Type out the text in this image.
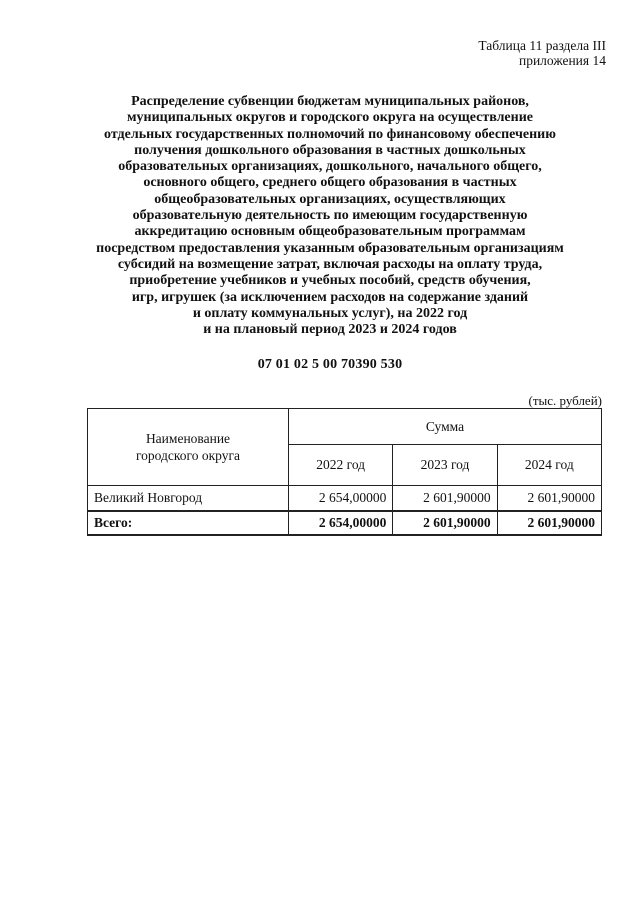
Таблица 11 раздела III
приложения 14
Распределение субвенции бюджетам муниципальных районов,
муниципальных округов и городского округа на осуществление
отдельных государственных полномочий по финансовому обеспечению
получения дошкольного образования в частных дошкольных
образовательных организациях, дошкольного, начального общего,
основного общего, среднего общего образования в частных
общеобразовательных организациях, осуществляющих
образовательную деятельность по имеющим государственную
аккредитацию основным общеобразовательным программам
посредством предоставления указанным образовательным организациям
субсидий на возмещение затрат, включая расходы на оплату труда,
приобретение учебников и учебных пособий, средств обучения,
игр, игрушек (за исключением расходов на содержание зданий
и оплату коммунальных услуг), на 2022 год
и на плановый период 2023 и 2024 годов
07 01 02 5 00 70390 530
(тыс. рублей)
Наименование
городского округа	Сумма		
	2022 год	2023 год	2024 год
Великий Новгород	2 654,00000	2 601,90000	2 601,90000
Всего:	2 654,00000	2 601,90000	2 601,90000
